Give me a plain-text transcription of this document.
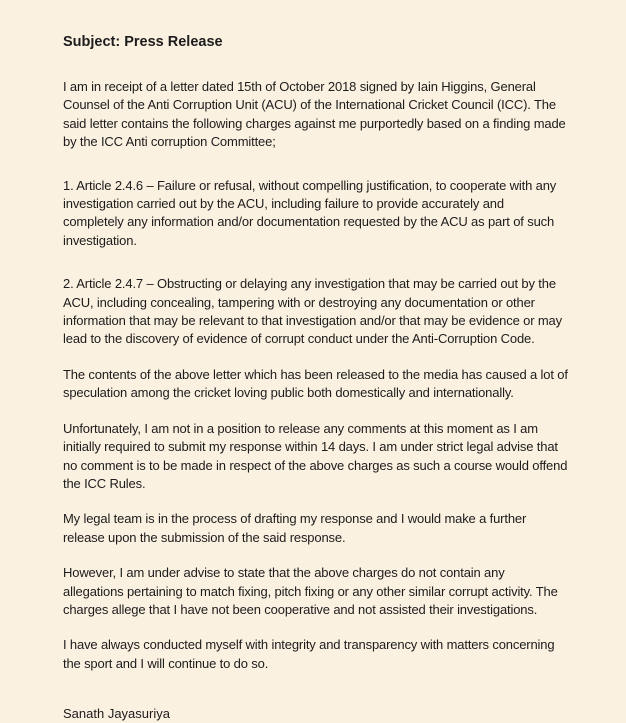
Subject: Press Release

I am in receipt of a letter dated 15th of October 2018 signed by Iain Higgins, General Counsel of the Anti Corruption Unit (ACU) of the International Cricket Council (ICC). The said letter contains the following charges against me purportedly based on a finding made by the ICC Anti corruption Committee;

1. Article 2.4.6 – Failure or refusal, without compelling justification, to cooperate with any investigation carried out by the ACU, including failure to provide accurately and completely any information and/or documentation requested by the ACU as part of such investigation.

2. Article 2.4.7 – Obstructing or delaying any investigation that may be carried out by the ACU, including concealing, tampering with or destroying any documentation or other information that may be relevant to that investigation and/or that may be evidence or may lead to the discovery of evidence of corrupt conduct under the Anti-Corruption Code.

The contents of the above letter which has been released to the media has caused a lot of speculation among the cricket loving public both domestically and internationally.

Unfortunately, I am not in a position to release any comments at this moment as I am initially required to submit my response within 14 days. I am under strict legal advise that no comment is to be made in respect of the above charges as such a course would offend the ICC Rules.

My legal team is in the process of drafting my response and I would make a further release upon the submission of the said response.

However, I am under advise to state that the above charges do not contain any allegations pertaining to match fixing, pitch fixing or any other similar corrupt activity. The charges allege that I have not been cooperative and not assisted their investigations.

I have always conducted myself with integrity and transparency with matters concerning the sport and I will continue to do so.

Sanath Jayasuriya
